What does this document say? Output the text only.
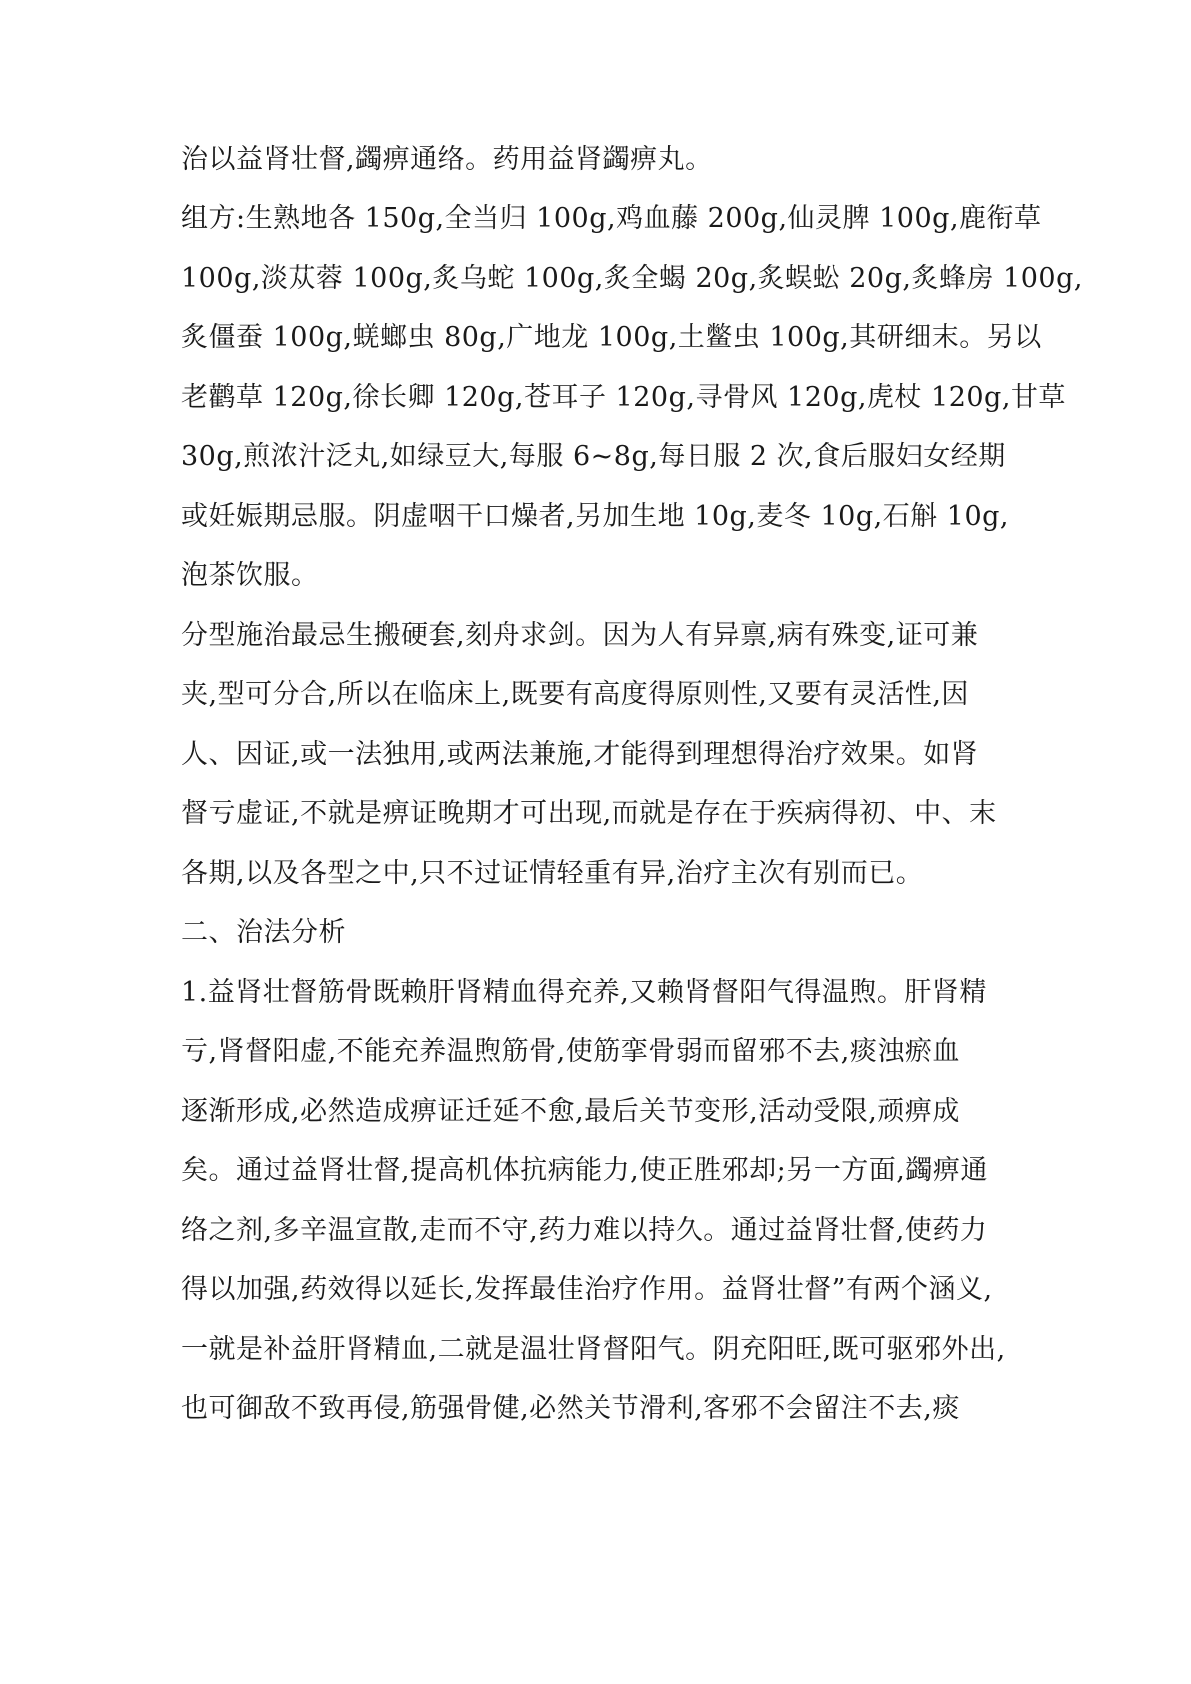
治以益肾壮督,蠲痹通络。药用益肾蠲痹丸。
组方:生熟地各 150g,全当归 100g,鸡血藤 200g,仙灵脾 100g,鹿衔草
100g,淡苁蓉 100g,炙乌蛇 100g,炙全蝎 20g,炙蜈蚣 20g,炙蜂房 100g,
炙僵蚕 100g,蜣螂虫 80g,广地龙 100g,土鳖虫 100g,其研细末。另以
老鹳草 120g,徐长卿 120g,苍耳子 120g,寻骨风 120g,虎杖 120g,甘草
30g,煎浓汁泛丸,如绿豆大,每服 6~8g,每日服 2 次,食后服妇女经期
或妊娠期忌服。阴虚咽干口燥者,另加生地 10g,麦冬 10g,石斛 10g,
泡茶饮服。
分型施治最忌生搬硬套,刻舟求剑。因为人有异禀,病有殊变,证可兼
夹,型可分合,所以在临床上,既要有高度得原则性,又要有灵活性,因
人、因证,或一法独用,或两法兼施,才能得到理想得治疗效果。如肾
督亏虚证,不就是痹证晚期才可出现,而就是存在于疾病得初、中、末
各期,以及各型之中,只不过证情轻重有异,治疗主次有别而已。
二、治法分析
1.益肾壮督筋骨既赖肝肾精血得充养,又赖肾督阳气得温煦。肝肾精
亏,肾督阳虚,不能充养温煦筋骨,使筋挛骨弱而留邪不去,痰浊瘀血
逐渐形成,必然造成痹证迁延不愈,最后关节变形,活动受限,顽痹成
矣。通过益肾壮督,提高机体抗病能力,使正胜邪却;另一方面,蠲痹通
络之剂,多辛温宣散,走而不守,药力难以持久。通过益肾壮督,使药力
得以加强,药效得以延长,发挥最佳治疗作用。益肾壮督”有两个涵义,
一就是补益肝肾精血,二就是温壮肾督阳气。阴充阳旺,既可驱邪外出,
也可御敌不致再侵,筋强骨健,必然关节滑利,客邪不会留注不去,痰
